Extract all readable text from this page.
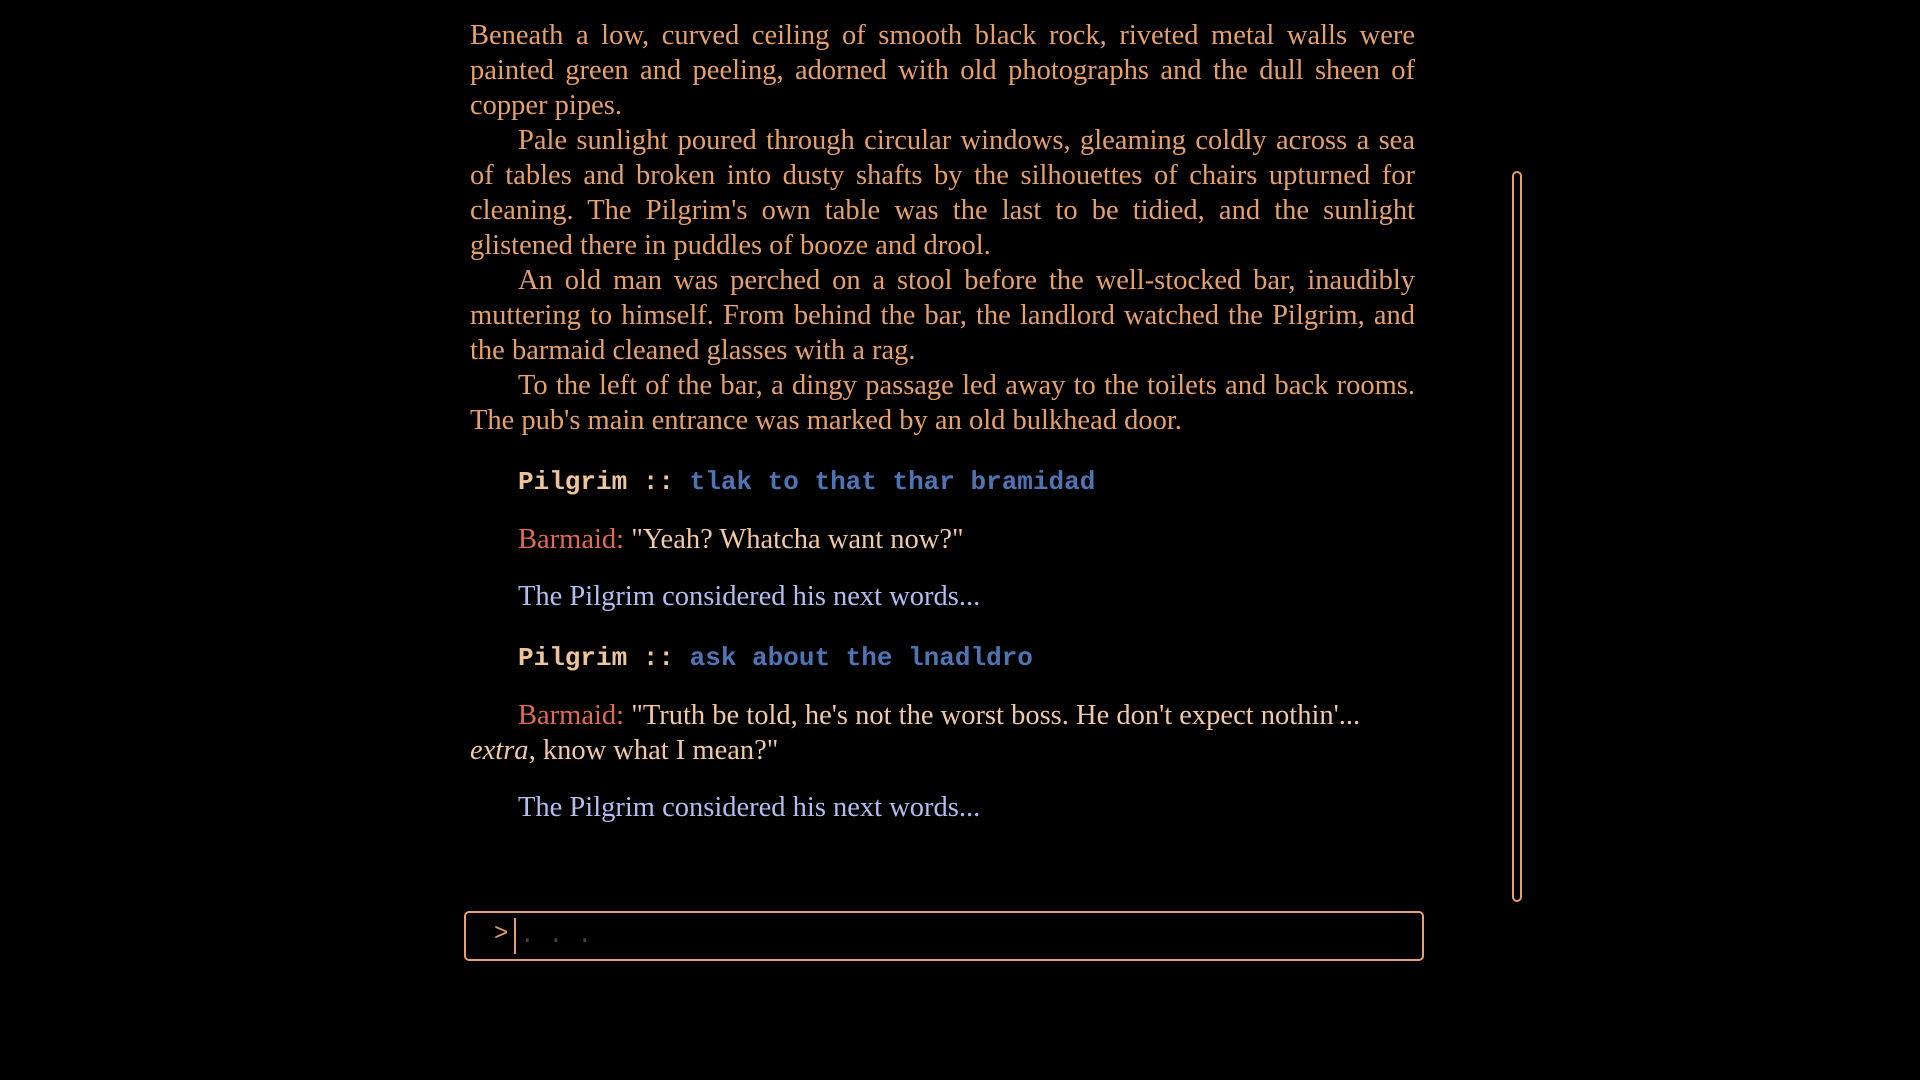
Beneath a low, curved ceiling of smooth black rock, riveted metal walls were painted green and peeling, adorned with old photographs and the dull sheen of copper pipes.

Pale sunlight poured through circular windows, gleaming coldly across a sea of tables and broken into dusty shafts by the silhouettes of chairs upturned for cleaning. The Pilgrim's own table was the last to be tidied, and the sunlight glistened there in puddles of booze and drool.

An old man was perched on a stool before the well-stocked bar, inaudibly muttering to himself. From behind the bar, the landlord watched the Pilgrim, and the barmaid cleaned glasses with a rag.

To the left of the bar, a dingy passage led away to the toilets and back rooms. The pub's main entrance was marked by an old bulkhead door.

Pilgrim :: tlak to that thar bramidad

Barmaid: "Yeah? Whatcha want now?"

The Pilgrim considered his next words...

Pilgrim :: ask about the lnadldro

Barmaid: "Truth be told, he's not the worst boss. He don't expect nothin'... extra, know what I mean?"

The Pilgrim considered his next words...

>
. . .
